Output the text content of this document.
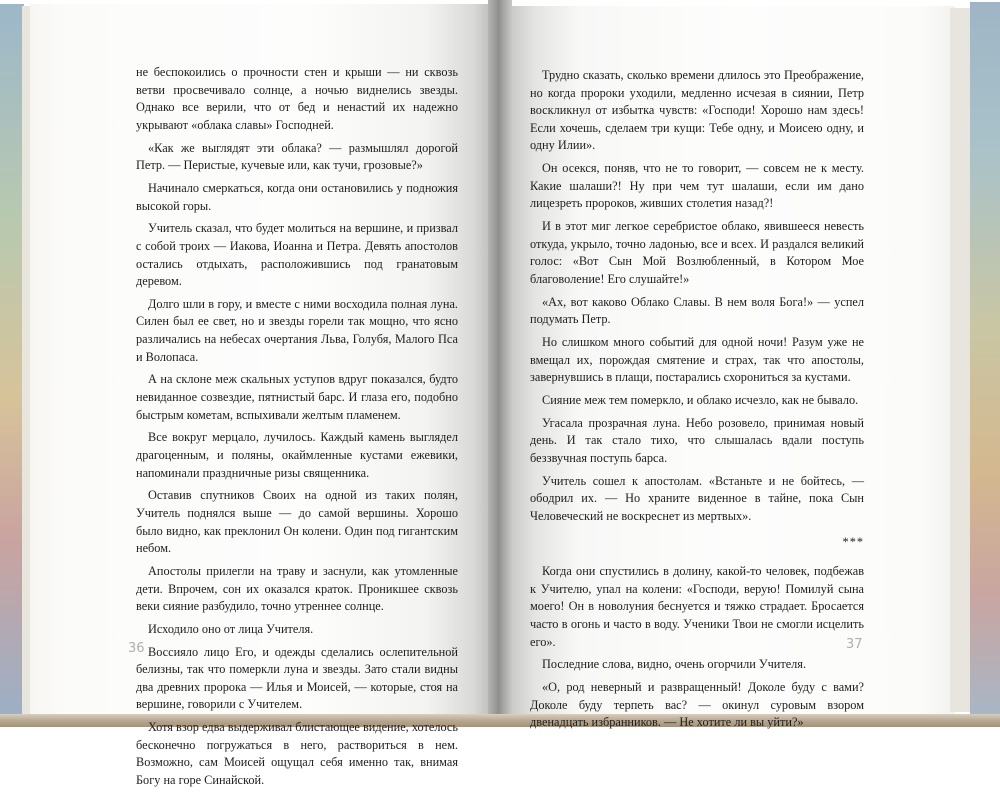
не беспокоились о прочности стен и крыши — ни сквозь ветви просвечивало солнце, а ночью виднелись звезды. Однако все верили, что от бед и ненастий их надежно укрывают «облака славы» Господней.

«Как же выглядят эти облака? — размышлял дорогой Петр. — Перистые, кучевые или, как тучи, грозовые?»

Начинало смеркаться, когда они остановились у подножия высокой горы.

Учитель сказал, что будет молиться на вершине, и призвал с собой троих — Иакова, Иоанна и Петра. Девять апостолов остались отдыхать, расположившись под гранатовым деревом.

Долго шли в гору, и вместе с ними восходила полная луна. Силен был ее свет, но и звезды горели так мощно, что ясно различались на небесах очертания Льва, Голубя, Малого Пса и Волопаса.

А на склоне меж скальных уступов вдруг показался, будто невиданное созвездие, пятнистый барс. И глаза его, подобно быстрым кометам, вспыхивали желтым пламенем.

Все вокруг мерцало, лучилось. Каждый камень выглядел драгоценным, и поляны, окаймленные кустами ежевики, напоминали праздничные ризы священника.

Оставив спутников Своих на одной из таких полян, Учитель поднялся выше — до самой вершины. Хорошо было видно, как преклонил Он колени. Один под гигантским небом.

Апостолы прилегли на траву и заснули, как утомленные дети. Впрочем, сон их оказался краток. Проникшее сквозь веки сияние разбудило, точно утреннее солнце.

Исходило оно от лица Учителя.

Воссияло лицо Его, и одежды сделались ослепительной белизны, так что померкли луна и звезды. Зато стали видны два древних пророка — Илья и Моисей, — которые, стоя на вершине, говорили с Учителем.

Хотя взор едва выдерживал блистающее видение, хотелось бесконечно погружаться в него, раствориться в нем. Возможно, сам Моисей ощущал себя именно так, внимая Богу на горе Синайской.

36

Трудно сказать, сколько времени длилось это Преображение, но когда пророки уходили, медленно исчезая в сиянии, Петр воскликнул от избытка чувств: «Господи! Хорошо нам здесь! Если хочешь, сделаем три кущи: Тебе одну, и Моисею одну, и одну Илии».

Он осекся, поняв, что не то говорит, — совсем не к месту. Какие шалаши?! Ну при чем тут шалаши, если им дано лицезреть пророков, живших столетия назад?!

И в этот миг легкое серебристое облако, явившееся невесть откуда, укрыло, точно ладонью, все и всех. И раздался великий голос: «Вот Сын Мой Возлюбленный, в Котором Мое благоволение! Его слушайте!»

«Ах, вот каково Облако Славы. В нем воля Бога!» — успел подумать Петр.

Но слишком много событий для одной ночи! Разум уже не вмещал их, порождая смятение и страх, так что апостолы, завернувшись в плащи, постарались схорониться за кустами.

Сияние меж тем померкло, и облако исчезло, как не бывало.

Угасала прозрачная луна. Небо розовело, принимая новый день. И так стало тихо, что слышалась вдали поступь беззвучная поступь барса.

Учитель сошел к апостолам. «Встаньте и не бойтесь, — ободрил их. — Но храните виденное в тайне, пока Сын Человеческий не воскреснет из мертвых».

***

Когда они спустились в долину, какой-то человек, подбежав к Учителю, упал на колени: «Господи, верую! Помилуй сына моего! Он в новолуния беснуется и тяжко страдает. Бросается часто в огонь и часто в воду. Ученики Твои не смогли исцелить его».

Последние слова, видно, очень огорчили Учителя.

«О, род неверный и развращенный! Доколе буду с вами? Доколе буду терпеть вас? — окинул суровым взором двенадцать избранников. — Не хотите ли вы уйти?»

37
